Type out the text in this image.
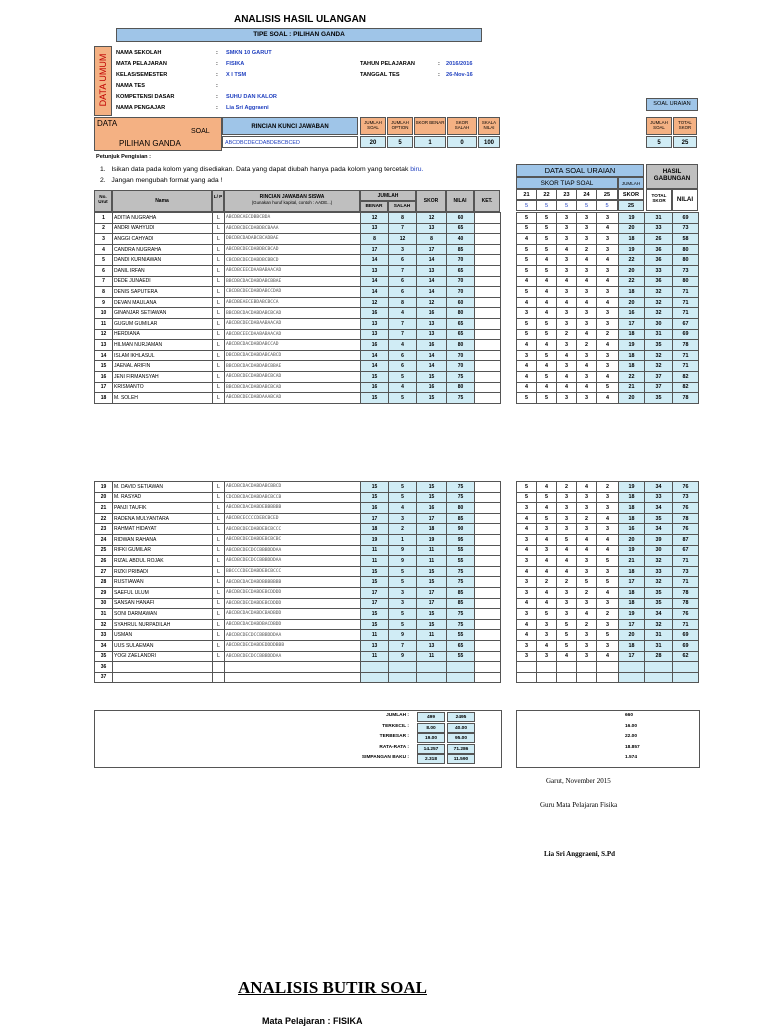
ANALISIS HASIL ULANGAN
TIPE SOAL : PILIHAN GANDA
DATA UMUM
NAMA SEKOLAH	: SMKN 10 GARUT
MATA PELAJARAN	: FISIKA
KELAS/SEMESTER	: X I TSM
NAMA TES	:
KOMPETENSI DASAR	: SUHU DAN KALOR
NAMA PENGAJAR	: Lia Sri Aggraeni
TAHUN PELAJARAN	: 2016/2016
TANGGAL TES	: 26-Nov-16
SOAL URAIAN
DATA
SOAL
PILIHAN GANDA
RINCIAN KUNCI JAWABAN
ABCDBCDECDABDEBCBCED
JUMLAH SOAL
JUMLAH OPTION
SKOR BENAR	SKOR SALAH
SKALA NILAI
20	5	1	0	100
JUMLAH SOAL
TOTAL SKOR
5	25
Petunjuk Pengisian :
1. Isikan data pada kolom yang disediakan. Data yang dapat diubah hanya pada kolom yang tercetak biru.
2. Jangan mengubah format yang ada !
No. Urut	Nama
L/ P	RINCIAN JAWABAN SISWA
(Gunakan huruf kapital, contoh : AADE...)
JUMLAH
BENAR	SALAH
SKOR	NILAI	KET.
DATA SOAL URAIAN
SKOR TIAP SOAL	JUMLAH
HASIL GABUNGAN
21	22	23	24	25	SKOR
5	5	5	5	5	25
TOTAL SKOR	NILAI
1	ADITIA NUGRAHA	L	ABCDBCAECDBBCBDA	12	8	12	60	
2	ANDRI WAHYUDI	L	ABCDBCDECDABDBCBAAA	13	7	13	65	
3	ANGGI CAHYADI	L	DBCDBCDADABCBCADBAE	8	12	8	40	
4	CANDRA NUGRAHA	L	ABCDBCDECDABDBCBCAD	17	3	17	85	
5	DANDI KURNIAWAN	L	CBCDBCDECDABDBCBBCD	14	6	14	70	
6	DANIL IRFAN	L	ABCDBCEECDAABABAACAD	13	7	13	65	
7	DEDE JUNAEDI	L	BBCDBCDACDABDABCBBAE	14	6	14	70	
8	DENIS SAPUTERA	L	CBCDBCDECDABDABCCDAD	14	6	14	70	
9	DEVAN MAULANA	L	ABCDBEAECEBDABCBCCA	12	8	12	60	
10	GINANJAR SETIAWAN	L	BBCDBCDACDABDABCBCAD	16	4	16	80	
11	GUGUM GUMILAR	L	ABCDBCDECDABAABAACAD	13	7	13	65	
12	HERDIANA	L	ABCDBCEECDAABABAACAD	13	7	13	65	
13	HILMAN NURJAMAN	L	ABCDBCDACDABDABCCAD	16	4	16	80	
14	ISLAM IKHLASUL	L	DBCDBCDACDABDABCABCD	14	6	14	70	
15	JAENAL ARIFIN	L	BBCDBCDACDABDABCBBAE	14	6	14	70	
16	JENI FIRMANSYAH	L	ABCDBCDECDABDABCBCAD	15	5	15	75	
17	KRISMANTO	L	BBCDBCDACDABDABCBCAD	16	4	16	80	
18	M. SOLEH	L	ABCDBCDECDABDAAABCAD	15	5	15	75	
5	5	3	3	3	19	31	69
5	5	3	3	4	20	33	73
4	5	3	3	3	18	26	58
5	5	4	2	3	19	36	80
5	4	3	4	4	22	36	80
5	5	3	3	3	20	33	73
4	4	4	4	4	22	36	80
5	4	3	3	3	18	32	71
4	4	4	4	4	20	32	71
3	4	3	3	3	16	32	71
5	5	3	3	3	17	30	67
5	5	2	4	2	18	31	69
4	4	3	2	4	19	35	78
3	5	4	3	3	18	32	71
4	4	3	4	3	18	32	71
4	5	4	3	4	22	37	82
4	4	4	4	5	21	37	82
5	5	3	3	4	20	35	78
19	M. DAVID SETIAWAN	L	ABCDBCDACDABDABCBBCD	15	5	15	75	
20	M. RASYAD	L	CDCDBCDACDABDABCBCCB	15	5	15	75	
21	PANJI TAUFIK	L	ABCDBCDACDABDEBBBBBB	16	4	16	80	
22	RADENA MULYANTARA	L	ABCDBCECCCCDEBCBCED	17	3	17	85	
23	RAHMAT HIDAYAT	L	ABCDBCDECDABDEBCBCCC	18	2	18	90	
24	RIDWAN RAHANA	L	ABCDBCDECDABDEBCBCBC	19	1	19	95	
25	RIFKI GUMILAR	L	ABCDBCDECDCCBBBDDDAA	11	9	11	55	
26	RIZAL ABDUL ROJAK	L	ABCDBCDECDCCBBBDDDAA	11	9	11	55	
27	RIZKI PRIBADI	L	BBCCCCDECDABDEBCBCCC	15	5	15	75	
28	RUSTIAWAN	L	ABCDBCDACDABDBBBBBBB	15	5	15	75	
29	SAEFUL ULUM	L	ABCDBCDECDABDEBCDDDD	17	3	17	85	
30	SANSAN HANAFI	L	ABCDBCDECDABDEBCDDDD	17	3	17	85	
31	SONI DARMAWAN	L	ABCDBCDACDABDCBADBDD	15	5	15	75	
32	SYAHRUL NURPADILAH	L	ABCDBCDACDABDBACDBDD	15	5	15	75	
33	USMAN	L	ABCDBCDECDCCBBBDDDAA	11	9	11	55	
34	UUS SULAEMAN	L	ABCDBCDECDABDEDDDDBBB	13	7	13	65	
35	YOGI ZAELANDRI	L	ABCDBCDECDCCBBBDDDAA	11	9	11	55	
36								
37								
5	4	2	4	2	19	34	76
5	5	3	3	3	18	33	73
3	4	3	3	3	18	34	76
4	5	3	2	4	18	35	78
4	3	3	3	3	16	34	76
3	4	5	4	4	20	39	87
4	3	4	4	4	19	30	67
3	4	4	3	5	21	32	71
4	4	4	3	3	18	33	73
3	2	2	5	5	17	32	71
3	4	3	2	4	18	35	78
4	4	3	3	3	18	35	78
3	5	3	4	2	19	34	76
4	3	5	2	3	17	32	71
4	3	5	3	5	20	31	69
3	4	5	3	3	18	31	69
3	3	4	3	4	17	28	62

JUMLAH :	499	2495
TERKECIL :	8.00	40.00
TERBESAR :	19.00	95.00
RATA-RATA :	14.257	71.286
SIMPANGAN BAKU :	2.318	11.590
660
16.00
22.00
18.857
1.574
Garut, November 2015
Guru Mata Pelajaran Fisika
Lia Sri Anggraeni, S.Pd
ANALISIS BUTIR SOAL
Mata Pelajaran : FISIKA
